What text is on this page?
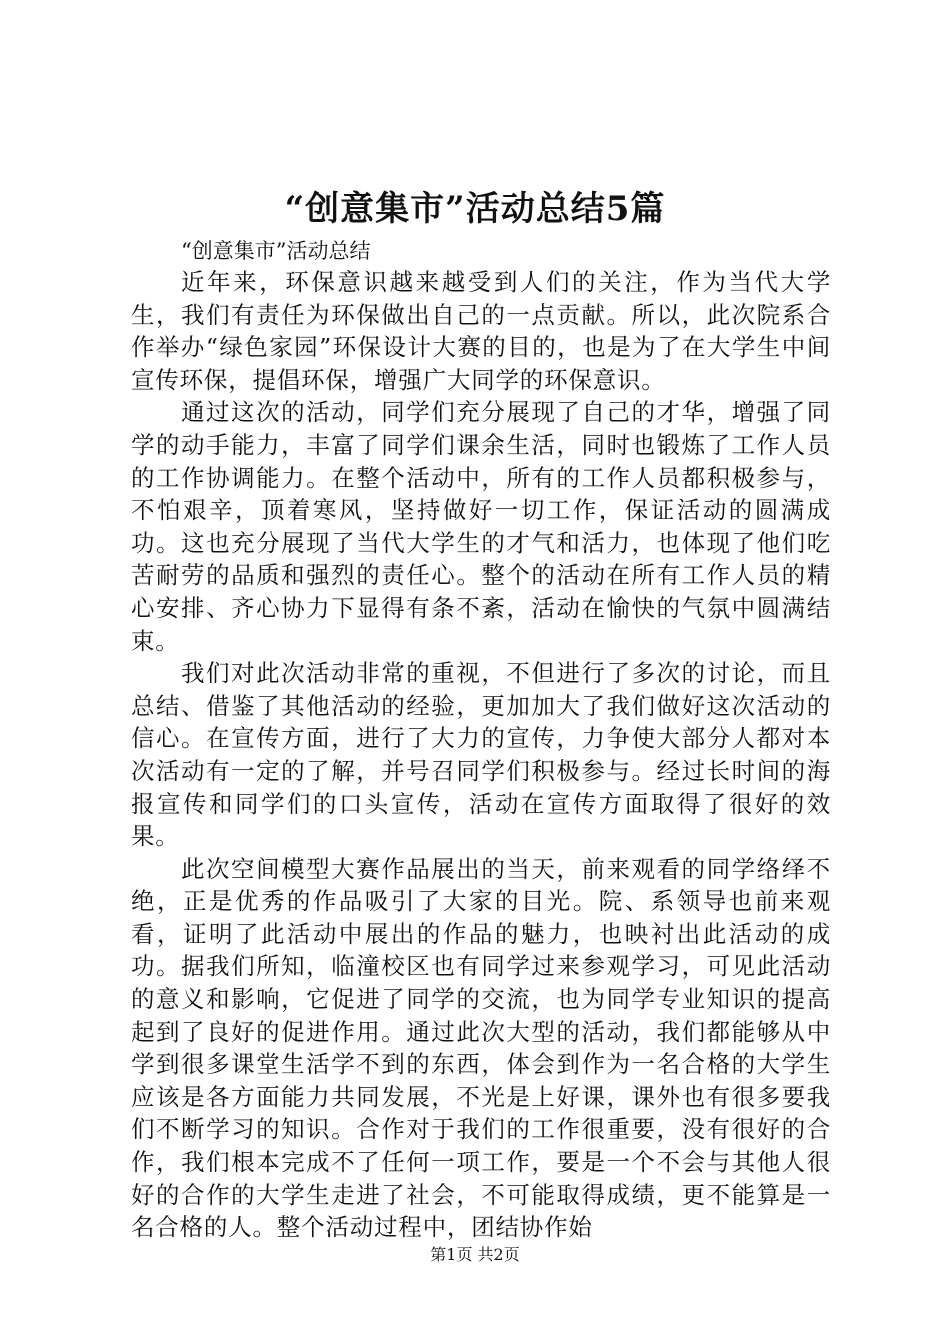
“创意集市”活动总结5篇

“创意集市”活动总结

近年来，环保意识越来越受到人们的关注，作为当代大学生，我们有责任为环保做出自己的一点贡献。所以，此次院系合作举办“绿色家园”环保设计大赛的目的，也是为了在大学生中间宣传环保，提倡环保，增强广大同学的环保意识。

通过这次的活动，同学们充分展现了自己的才华，增强了同学的动手能力，丰富了同学们课余生活，同时也锻炼了工作人员的工作协调能力。在整个活动中，所有的工作人员都积极参与，不怕艰辛，顶着寒风，坚持做好一切工作，保证活动的圆满成功。这也充分展现了当代大学生的才气和活力，也体现了他们吃苦耐劳的品质和强烈的责任心。整个的活动在所有工作人员的精心安排、齐心协力下显得有条不紊，活动在愉快的气氛中圆满结束。

我们对此次活动非常的重视，不但进行了多次的讨论，而且总结、借鉴了其他活动的经验，更加加大了我们做好这次活动的信心。在宣传方面，进行了大力的宣传，力争使大部分人都对本次活动有一定的了解，并号召同学们积极参与。经过长时间的海报宣传和同学们的口头宣传，活动在宣传方面取得了很好的效果。

此次空间模型大赛作品展出的当天，前来观看的同学络绎不绝，正是优秀的作品吸引了大家的目光。院、系领导也前来观看，证明了此活动中展出的作品的魅力，也映衬出此活动的成功。据我们所知，临潼校区也有同学过来参观学习，可见此活动的意义和影响，它促进了同学的交流，也为同学专业知识的提高起到了良好的促进作用。通过此次大型的活动，我们都能够从中学到很多课堂生活学不到的东西，体会到作为一名合格的大学生应该是各方面能力共同发展，不光是上好课，课外也有很多要我们不断学习的知识。合作对于我们的工作很重要，没有很好的合作，我们根本完成不了任何一项工作，要是一个不会与其他人很好的合作的大学生走进了社会，不可能取得成绩，更不能算是一名合格的人。整个活动过程中，团结协作始

第1页 共2页
